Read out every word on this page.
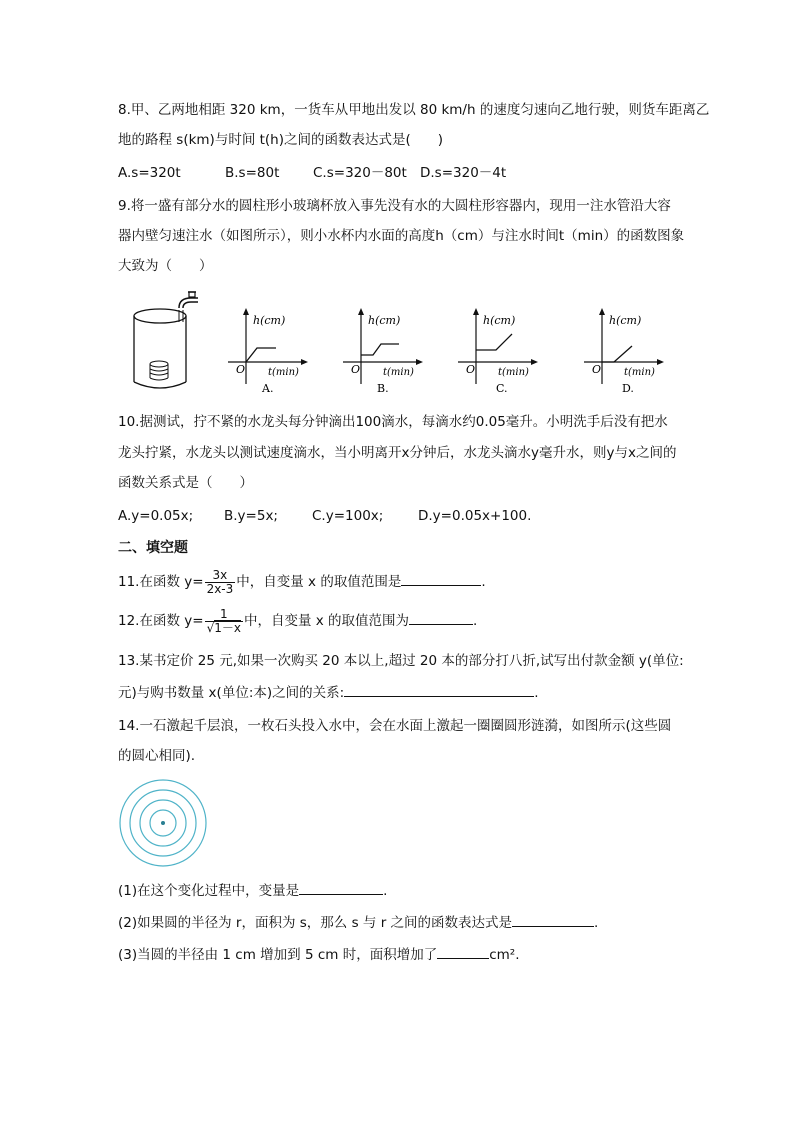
8.甲、乙两地相距 320 km，一货车从甲地出发以 80 km/h 的速度匀速向乙地行驶，则货车距离乙
地的路程 s(km)与时间 t(h)之间的函数表达式是(　　)
A.s=320t	B.s=80t C.s=320－80t D.s=320－4t
9.将一盛有部分水的圆柱形小玻璃杯放入事先没有水的大圆柱形容器内，现用一注水管沿大容
器内壁匀速注水（如图所示），则小水杯内水面的高度h（cm）与注水时间t（min）的函数图象
大致为（　　）
h(cm)
O t(min)
A.
h(cm)
O t(min)
B.
h(cm)
O t(min)
C.
h(cm)
O t(min)
D.
10.据测试，拧不紧的水龙头每分钟滴出100滴水，每滴水约0.05毫升。小明洗手后没有把水
龙头拧紧，水龙头以测试速度滴水，当小明离开x分钟后，水龙头滴水y毫升水，则y与x之间的
函数关系式是（　　）
A.y=0.05x; B.y=5x;	C.y=100x;	D.y=0.05x+100.
二、填空题
11.在函数 $y= \frac{3x}{2x-3}$ 中，自变量 x 的取值范围是	.
12.在函数 $y= \frac{1}{√1-x}$ 中，自变量 x 的取值范围为	.
13.某书定价 25 元,如果一次购买 20 本以上,超过 20 本的部分打八折,试写出付款金额 y(单位:
元)与购书数量 x(单位:本)之间的关系:	.
14.一石激起千层浪，一枚石头投入水中，会在水面上激起一圈圈圆形涟漪，如图所示(这些圆
的圆心相同).
(1)在这个变化过程中，变量是	.
(2)如果圆的半径为 r，面积为 s，那么 s 与 r 之间的函数表达式是	.
(3)当圆的半径由 1 cm 增加到 5 cm 时，面积增加了	cm².
